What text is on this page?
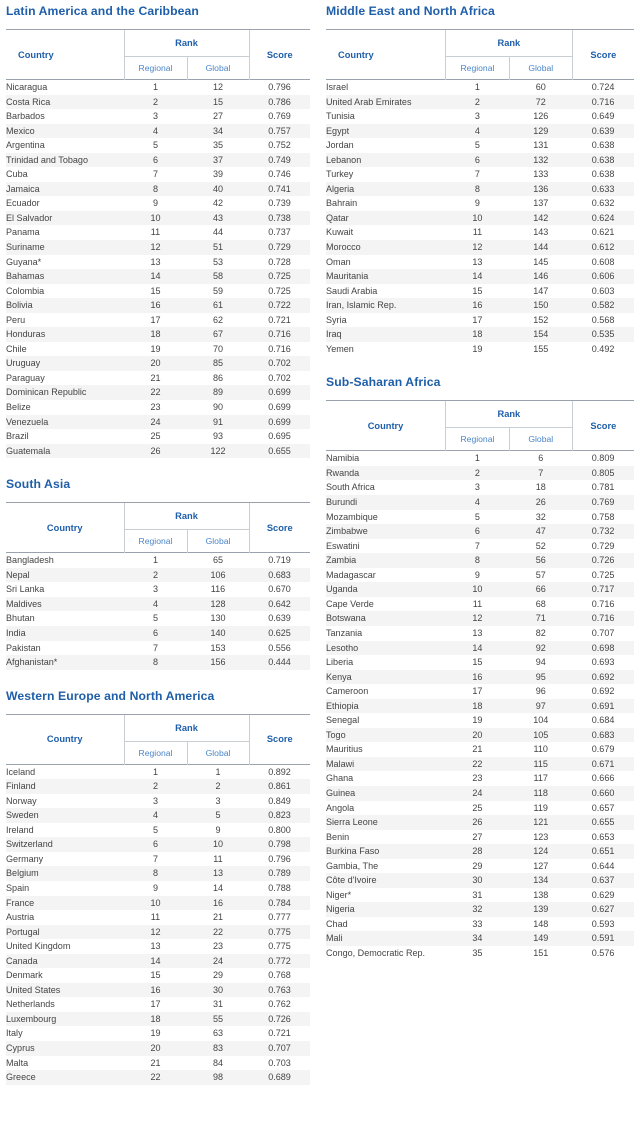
Latin America and the Caribbean
Country	Rank		Score
	Regional	Global	
Nicaragua	1	12	0.796
Costa Rica	2	15	0.786
Barbados	3	27	0.769
Mexico	4	34	0.757
Argentina	5	35	0.752
Trinidad and Tobago	6	37	0.749
Cuba	7	39	0.746
Jamaica	8	40	0.741
Ecuador	9	42	0.739
El Salvador	10	43	0.738
Panama	11	44	0.737
Suriname	12	51	0.729
Guyana*	13	53	0.728
Bahamas	14	58	0.725
Colombia	15	59	0.725
Bolivia	16	61	0.722
Peru	17	62	0.721
Honduras	18	67	0.716
Chile	19	70	0.716
Uruguay	20	85	0.702
Paraguay	21	86	0.702
Dominican Republic	22	89	0.699
Belize	23	90	0.699
Venezuela	24	91	0.699
Brazil	25	93	0.695
Guatemala	26	122	0.655
South Asia
Country	Rank		Score
	Regional	Global	
Bangladesh	1	65	0.719
Nepal	2	106	0.683
Sri Lanka	3	116	0.670
Maldives	4	128	0.642
Bhutan	5	130	0.639
India	6	140	0.625
Pakistan	7	153	0.556
Afghanistan*	8	156	0.444
Western Europe and North America
Country	Rank		Score
	Regional	Global	
Iceland	1	1	0.892
Finland	2	2	0.861
Norway	3	3	0.849
Sweden	4	5	0.823
Ireland	5	9	0.800
Switzerland	6	10	0.798
Germany	7	11	0.796
Belgium	8	13	0.789
Spain	9	14	0.788
France	10	16	0.784
Austria	11	21	0.777
Portugal	12	22	0.775
United Kingdom	13	23	0.775
Canada	14	24	0.772
Denmark	15	29	0.768
United States	16	30	0.763
Netherlands	17	31	0.762
Luxembourg	18	55	0.726
Italy	19	63	0.721
Cyprus	20	83	0.707
Malta	21	84	0.703
Greece	22	98	0.689
Middle East and North Africa
Country	Rank		Score
	Regional	Global	
Israel	1	60	0.724
United Arab Emirates	2	72	0.716
Tunisia	3	126	0.649
Egypt	4	129	0.639
Jordan	5	131	0.638
Lebanon	6	132	0.638
Turkey	7	133	0.638
Algeria	8	136	0.633
Bahrain	9	137	0.632
Qatar	10	142	0.624
Kuwait	11	143	0.621
Morocco	12	144	0.612
Oman	13	145	0.608
Mauritania	14	146	0.606
Saudi Arabia	15	147	0.603
Iran, Islamic Rep.	16	150	0.582
Syria	17	152	0.568
Iraq	18	154	0.535
Yemen	19	155	0.492
Sub-Saharan Africa
Country	Rank		Score
	Regional	Global	
Namibia	1	6	0.809
Rwanda	2	7	0.805
South Africa	3	18	0.781
Burundi	4	26	0.769
Mozambique	5	32	0.758
Zimbabwe	6	47	0.732
Eswatini	7	52	0.729
Zambia	8	56	0.726
Madagascar	9	57	0.725
Uganda	10	66	0.717
Cape Verde	11	68	0.716
Botswana	12	71	0.716
Tanzania	13	82	0.707
Lesotho	14	92	0.698
Liberia	15	94	0.693
Kenya	16	95	0.692
Cameroon	17	96	0.692
Ethiopia	18	97	0.691
Senegal	19	104	0.684
Togo	20	105	0.683
Mauritius	21	110	0.679
Malawi	22	115	0.671
Ghana	23	117	0.666
Guinea	24	118	0.660
Angola	25	119	0.657
Sierra Leone	26	121	0.655
Benin	27	123	0.653
Burkina Faso	28	124	0.651
Gambia, The	29	127	0.644
Côte d'Ivoire	30	134	0.637
Niger*	31	138	0.629
Nigeria	32	139	0.627
Chad	33	148	0.593
Mali	34	149	0.591
Congo, Democratic Rep.	35	151	0.576
